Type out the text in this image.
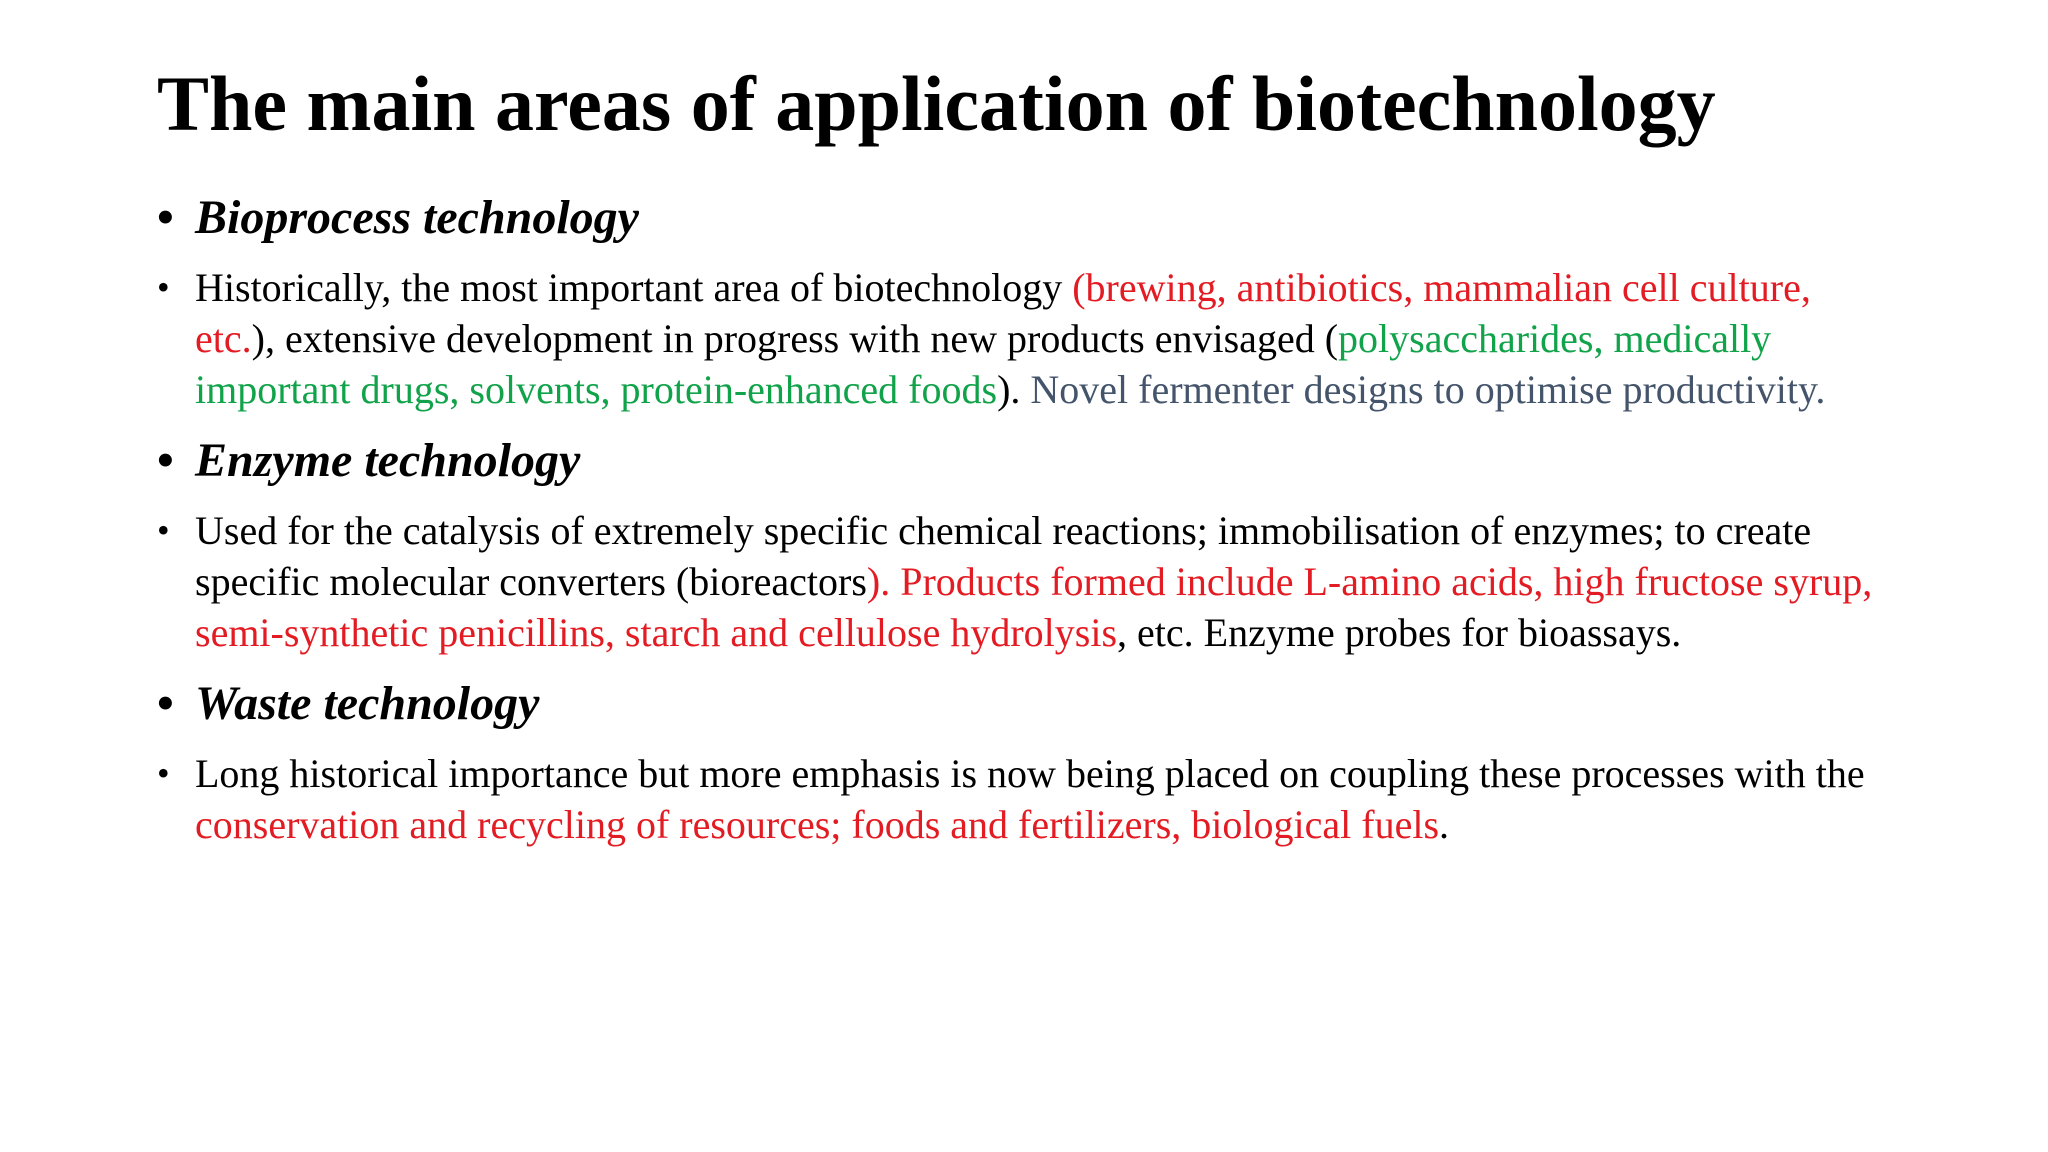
The main areas of application of biotechnology
• Bioprocess technology
• Historically, the most important area of biotechnology (brewing, antibiotics, mammalian cell culture, etc.), extensive development in progress with new products envisaged (polysaccharides, medically important drugs, solvents, protein-enhanced foods). Novel fermenter designs to optimise productivity.
• Enzyme technology
• Used for the catalysis of extremely specific chemical reactions; immobilisation of enzymes; to create specific molecular converters (bioreactors). Products formed include L-amino acids, high fructose syrup, semi-synthetic penicillins, starch and cellulose hydrolysis, etc. Enzyme probes for bioassays.
• Waste technology
• Long historical importance but more emphasis is now being placed on coupling these processes with the conservation and recycling of resources; foods and fertilizers, biological fuels.
